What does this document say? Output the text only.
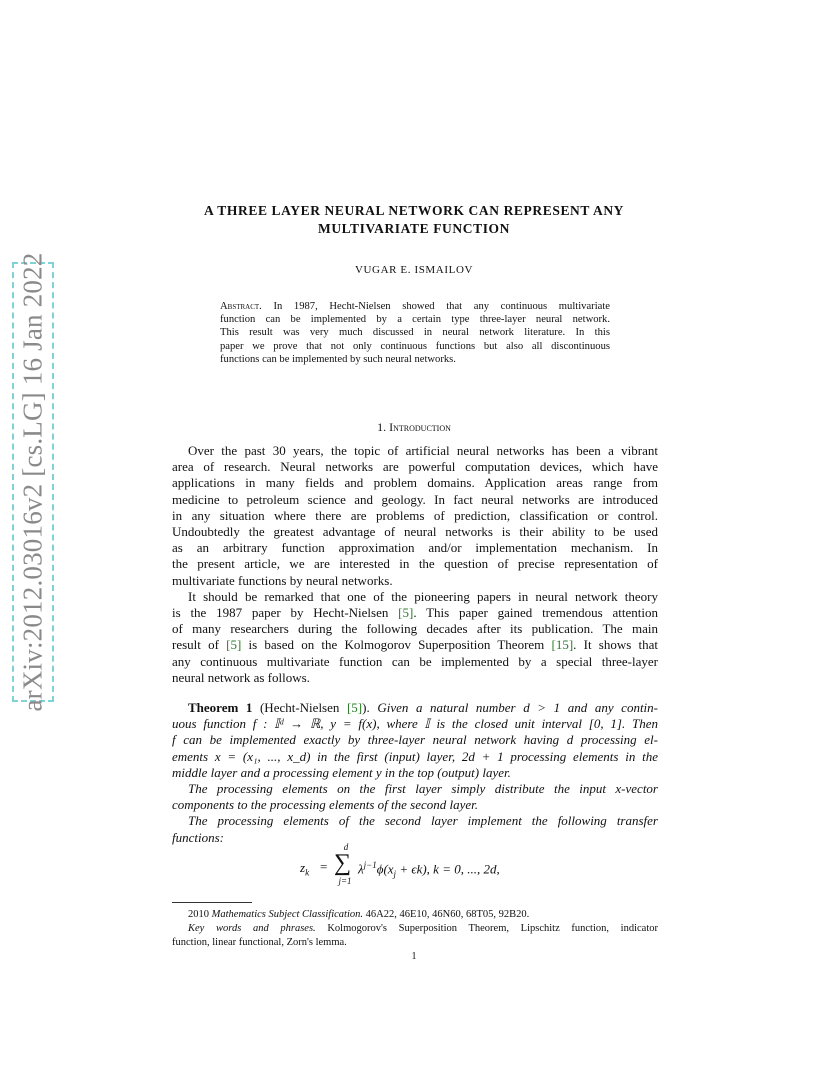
arXiv:2012.03016v2 [cs.LG] 16 Jan 2022
A THREE LAYER NEURAL NETWORK CAN REPRESENT ANY
MULTIVARIATE FUNCTION
VUGAR E. ISMAILOV
Abstract. In 1987, Hecht-Nielsen showed that any continuous multivariate
function can be implemented by a certain type three-layer neural network.
This result was very much discussed in neural network literature. In this
paper we prove that not only continuous functions but also all discontinuous
functions can be implemented by such neural networks.
1. Introduction
Over the past 30 years, the topic of artificial neural networks has been a vibrant
area of research. Neural networks are powerful computation devices, which have
applications in many fields and problem domains. Application areas range from
medicine to petroleum science and geology. In fact neural networks are introduced
in any situation where there are problems of prediction, classification or control.
Undoubtedly the greatest advantage of neural networks is their ability to be used
as an arbitrary function approximation and/or implementation mechanism. In
the present article, we are interested in the question of precise representation of
multivariate functions by neural networks.
It should be remarked that one of the pioneering papers in neural network theory
is the 1987 paper by Hecht-Nielsen [5]. This paper gained tremendous attention
of many researchers during the following decades after its publication. The main
result of [5] is based on the Kolmogorov Superposition Theorem [15]. It shows that
any continuous multivariate function can be implemented by a special three-layer
neural network as follows.
Theorem 1 (Hecht-Nielsen [5]). Given a natural number d > 1 and any contin-
uous function f : 𝕀ᵈ → ℝ, y = f(x), where 𝕀 is the closed unit interval [0, 1]. Then
f can be implemented exactly by three-layer neural network having d processing el-
ements x = (x₁, ..., x_d) in the first (input) layer, 2d + 1 processing elements in the
middle layer and a processing element y in the top (output) layer.
The processing elements on the first layer simply distribute the input x-vector
components to the processing elements of the second layer.
The processing elements of the second layer implement the following transfer
functions:
$z_k$ =
d
∑
j=1
$\lambda^{j-1}\phi(x_j + \epsilon k)$, k = 0, ..., 2d,
2010 Mathematics Subject Classification. 46A22, 46E10, 46N60, 68T05, 92B20.
Key words and phrases. Kolmogorov's Superposition Theorem, Lipschitz function, indicator
function, linear functional, Zorn's lemma.
1
